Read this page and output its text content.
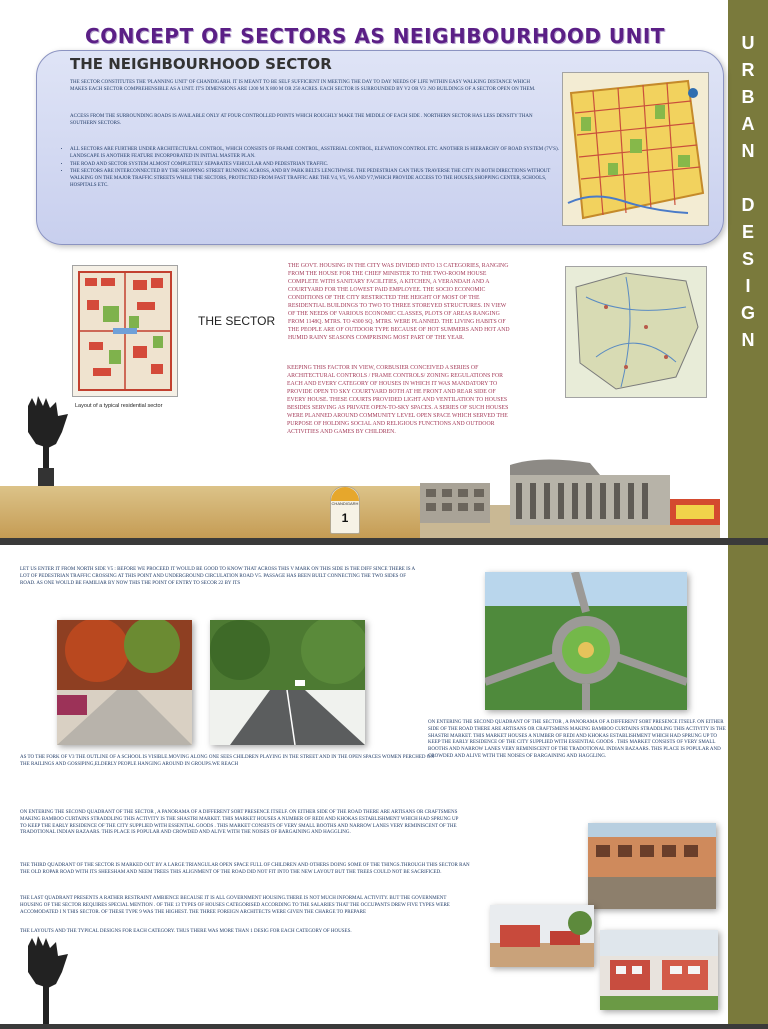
U
R
B
A
N
D
E
S
I
G
N
CONCEPT OF SECTORS AS NEIGHBOURHOOD UNIT
THE NEIGHBOURHOOD SECTOR
THE SECTOR CONSTITUTES THE 'PLANNING UNIT' OF CHANDIGARH. IT IS MEANT TO BE SELF SUFFICIENT IN MEETING THE DAY TO DAY NEEDS OF LIFE WITHIN EASY WALKING DISTANCE WHICH MAKES EACH SECTOR COMPREHENSIBLE AS A UNIT. IT'S DIMENSIONS ARE 1200 M X 800 M OR 250 ACRES. EACH SECTOR IS SURROUNDED BY V2 OR V3 .NO BUILDINGS OF A SECTOR OPEN ON THEM.
ACCESS FROM THE SURROUNDING ROADS IS AVAILABLE ONLY AT FOUR CONTROLLED POINTS WHICH ROUGHLY MAKE THE MIDDLE OF EACH SIDE . NORTHERN SECTOR HAS LESS DENSITY THAN SOUTHERN SECTORS.
• ALL SECTORS ARE FURTHER UNDER ARCHITECTURAL CONTROL, WHICH CONSISTS OF FRAME CONTROL, ASSTERIAL CONTROL, ELEVATION CONTROL ETC. ANOTHER IS HIERARCHY OF ROAD SYSTEM (7V'S). LANDSCAPE IS ANOTHER FEATURE INCORPORATED IN INITIAL MASTER PLAN.
• THE ROAD AND SECTOR SYSTEM ALMOST COMPLETELY SEPARATES VEHICULAR AND PEDESTRIAN TRAFFIC.
• THE SECTORS ARE INTERCONNECTED BY THE SHOPPING STREET RUNNING ACROSS, AND BY PARK BELTS LENGTHWISE. THE PEDESTRIAN CAN THUS TRAVERSE THE CITY IN BOTH DIRECTIONS WITHOUT WALKING ON THE MAJOR TRAFFIC STREETS WHILE THE SECTORS, PROTECTED FROM FAST TRAFFIC ARE THE V4, V5, V6 AND V7,WHICH PROVIDE ACCESS TO THE HOUSES,SHOPPING CENTER, SCHOOLS, HOSPITALS ETC.
THE SECTOR
Layout of a typical residential sector
THE GOVT. HOUSING IN THE CITY WAS DIVIDED INTO 13 CATEGORIES, RANGING FROM THE HOUSE FOR THE CHIEF MINISTER TO THE TWO-ROOM HOUSE COMPLETE WITH SANITARY FACILITIES, A KITCHEN, A VERANDAH AND A COURTYARD FOR THE LOWEST PAID EMPLOYEE. THE SOCIO ECONOMIC CONDITIONS OF THE CITY RESTRICTED THE HEIGHT OF MOST OF THE RESIDENTIAL BUILDINGS TO TWO TO THREE STOREYED STRUCTURES. IN VIEW OF THE NEEDS OF VARIOUS ECONOMIC CLASSES, PLOTS OF AREAS RANGING FROM 1148Q. MTRS. TO 4300 SQ. MTRS. WERE PLANNED. THE LIVING HABITS OF THE PEOPLE ARE OF OUTDOOR TYPE BECAUSE OF HOT SUMMERS AND HOT AND HUMID RAINY SEASONS COMPRISING MOST PART OF THE YEAR.
KEEPING THIS FACTOR IN VIEW, CORBUSIER CONCEIVED A SERIES OF ARCHITECTURAL CONTROLS / FRAME CONTROLS/ ZONING REGULATIONS FOR EACH AND EVERY CATEGORY OF HOUSES IN WHICH IT WAS MANDATORY TO PROVIDE OPEN TO SKY COURTYARD BOTH AT HE FRONT AND REAR SIDE OF EVERY HOUSE. THESE COURTS PROVIDED LIGHT AND VENTILATION TO HOUSES BESIDES SERVING AS PRIVATE OPEN-TO-SKY SPACES. A SERIES OF SUCH HOUSES WERE PLANNED AROUND COMMUNITY LEVEL OPEN SPACE WHICH SERVED THE PURPOSE OF HOLDING SOCIAL AND RELIGIOUS FUNCTIONS AND OUTDOOR ACTIVITIES AND GAMES BY CHILDREN.
CHANDIGARH
1
LET US ENTER IT FROM NORTH SIDE V5 : BEFORE WE PROCEED IT WOULD BE GOOD TO KNOW THAT ACROSS THIS V MARK ON THIS SIDE IS THE DIFF SINCE THERE IS A LOT OF PEDESTRIAN TRAFFIC CROSSING AT THIS POINT AND UNDERGROUND CIRCULATION ROAD V5. PASSAGE HAS BEEN BUILT CONNECTING THE TWO SIDES OF ROAD. AS ONE WOULD BE FAMILIAR BY NOW THIS THE POINT OF ENTRY TO SECOR 22 BY ITS
ON ENTERING THE SECOND QUADRANT OF THE SECTOR , A PANORAMA OF A DIFFERENT SORT PRESENCE ITSELF. ON EITHER SIDE OF THE ROAD THERE ARE ARTISANS OR CRAFTSMENS MAKING BAMBOO CURTAINS STRADDLING THIS ACTIVITY IS THE SHASTRI MARKET. THIS MARKET HOUSES A NUMBER OF REDI AND KHOKAS ESTABLISHMENT WHICH HAD SPRUNG UP TO KEEP THE EARLY RESIDENCE OF THE CITY SUPPLIED WITH ESSENTIAL GOODS . THIS MARKET CONSISTS OF VERY SMALL BOOTHS AND NARROW LANES VERY REMINISCENT OF THE TRADOTIONAL INDIAN BAZAARS. THIS PLACE IS POPULAR AND CROWDED AND ALIVE WITH THE NOISES OF BARGAINING AND HAGGLING.
AS TO THE FORK OF V3 THE OUTLINE OF A SCHOOL IS VISIBLE.MOVING ALONG ONE SEES CHILDREN PLAYING IN THE STREET AND IN THE OPEN SPACES WOMEN PERCHED ON THE RAILINGS AND GOSSIPING,ELDERLY PEOPLE HANGING AROUND IN GROUPS.WE REACH
ON ENTERING THE SECOND QUADRANT OF THE SECTOR , A PANORAMA OF A DIFFERENT SORT PRESENCE ITSELF. ON EITHER SIDE OF THE ROAD THERE ARE ARTISANS OR CRAFTSMENS MAKING BAMBOO CURTAINS STRADDLING THIS ACTIVITY IS THE SHASTRI MARKET. THIS MARKET HOUSES A NUMBER OF REDI AND KHOKAS ESTABLISHMENT WHICH HAD SPRUNG UP TO KEEP THE EARLY RESIDENCE OF THE CITY SUPPLIED WITH ESSENTIAL GOODS . THIS MARKET CONSISTS OF VERY SMALL BOOTHS AND NARROW LANES VERY REMINISCENT OF THE TRADOTIONAL INDIAN BAZAARS. THIS PLACE IS POPULAR AND CROWDED AND ALIVE WITH THE NOISES OF BARGAINING AND HAGGLING.
THE THIRD QUADRANT OF THE SECTOR IS MARKED OUT BY A LARGE TRIANGULAR OPEN SPACE FULL OF CHILDREN AND OTHERS DOING SOME OF THE THINGS.THROUGH THIS SECTOR RAN THE OLD ROPAR ROAD WITH ITS SHEESHAM AND NEEM TREES THIS ALIGNMENT OF THE ROAD DID NOT FIT INTO THE NEW LAYOUT BUT THE TREES COULD NOT BE SACRIFICED.
THE LAST QUADRANT PRESENTS A RATHER RESTRAINT AMBIENCE BECAUSE IT IS ALL GOVERNMENT HOUSING.THERE IS NOT MUCH INFORMAL ACTIVITY. BUT THE GOVERNMENT HOUSING OF THE SECTOR REQUIRES SPECIAL MENTION . OF THE 13 TYPES OF HOUSES CATEGORISED ACCORDING TO THE SALARIES THAT THE OCCUPANTS DREW FIVE TYPES WERE ACCOMODATED I N THIS SECTOR. OF THESE TYPE 9 WAS THE HIGHEST. THE THREE FOREIGN ARCHITECTS WERE GIVEN THE CHARGE TO PREPARE
THE LAYOUTS AND THE TYPICAL DESIGNS FOR EACH CATEGORY. THUS THERE WAS MORE THAN 1 DESIG FOR EACH CATEGORY OF HOUSES.
